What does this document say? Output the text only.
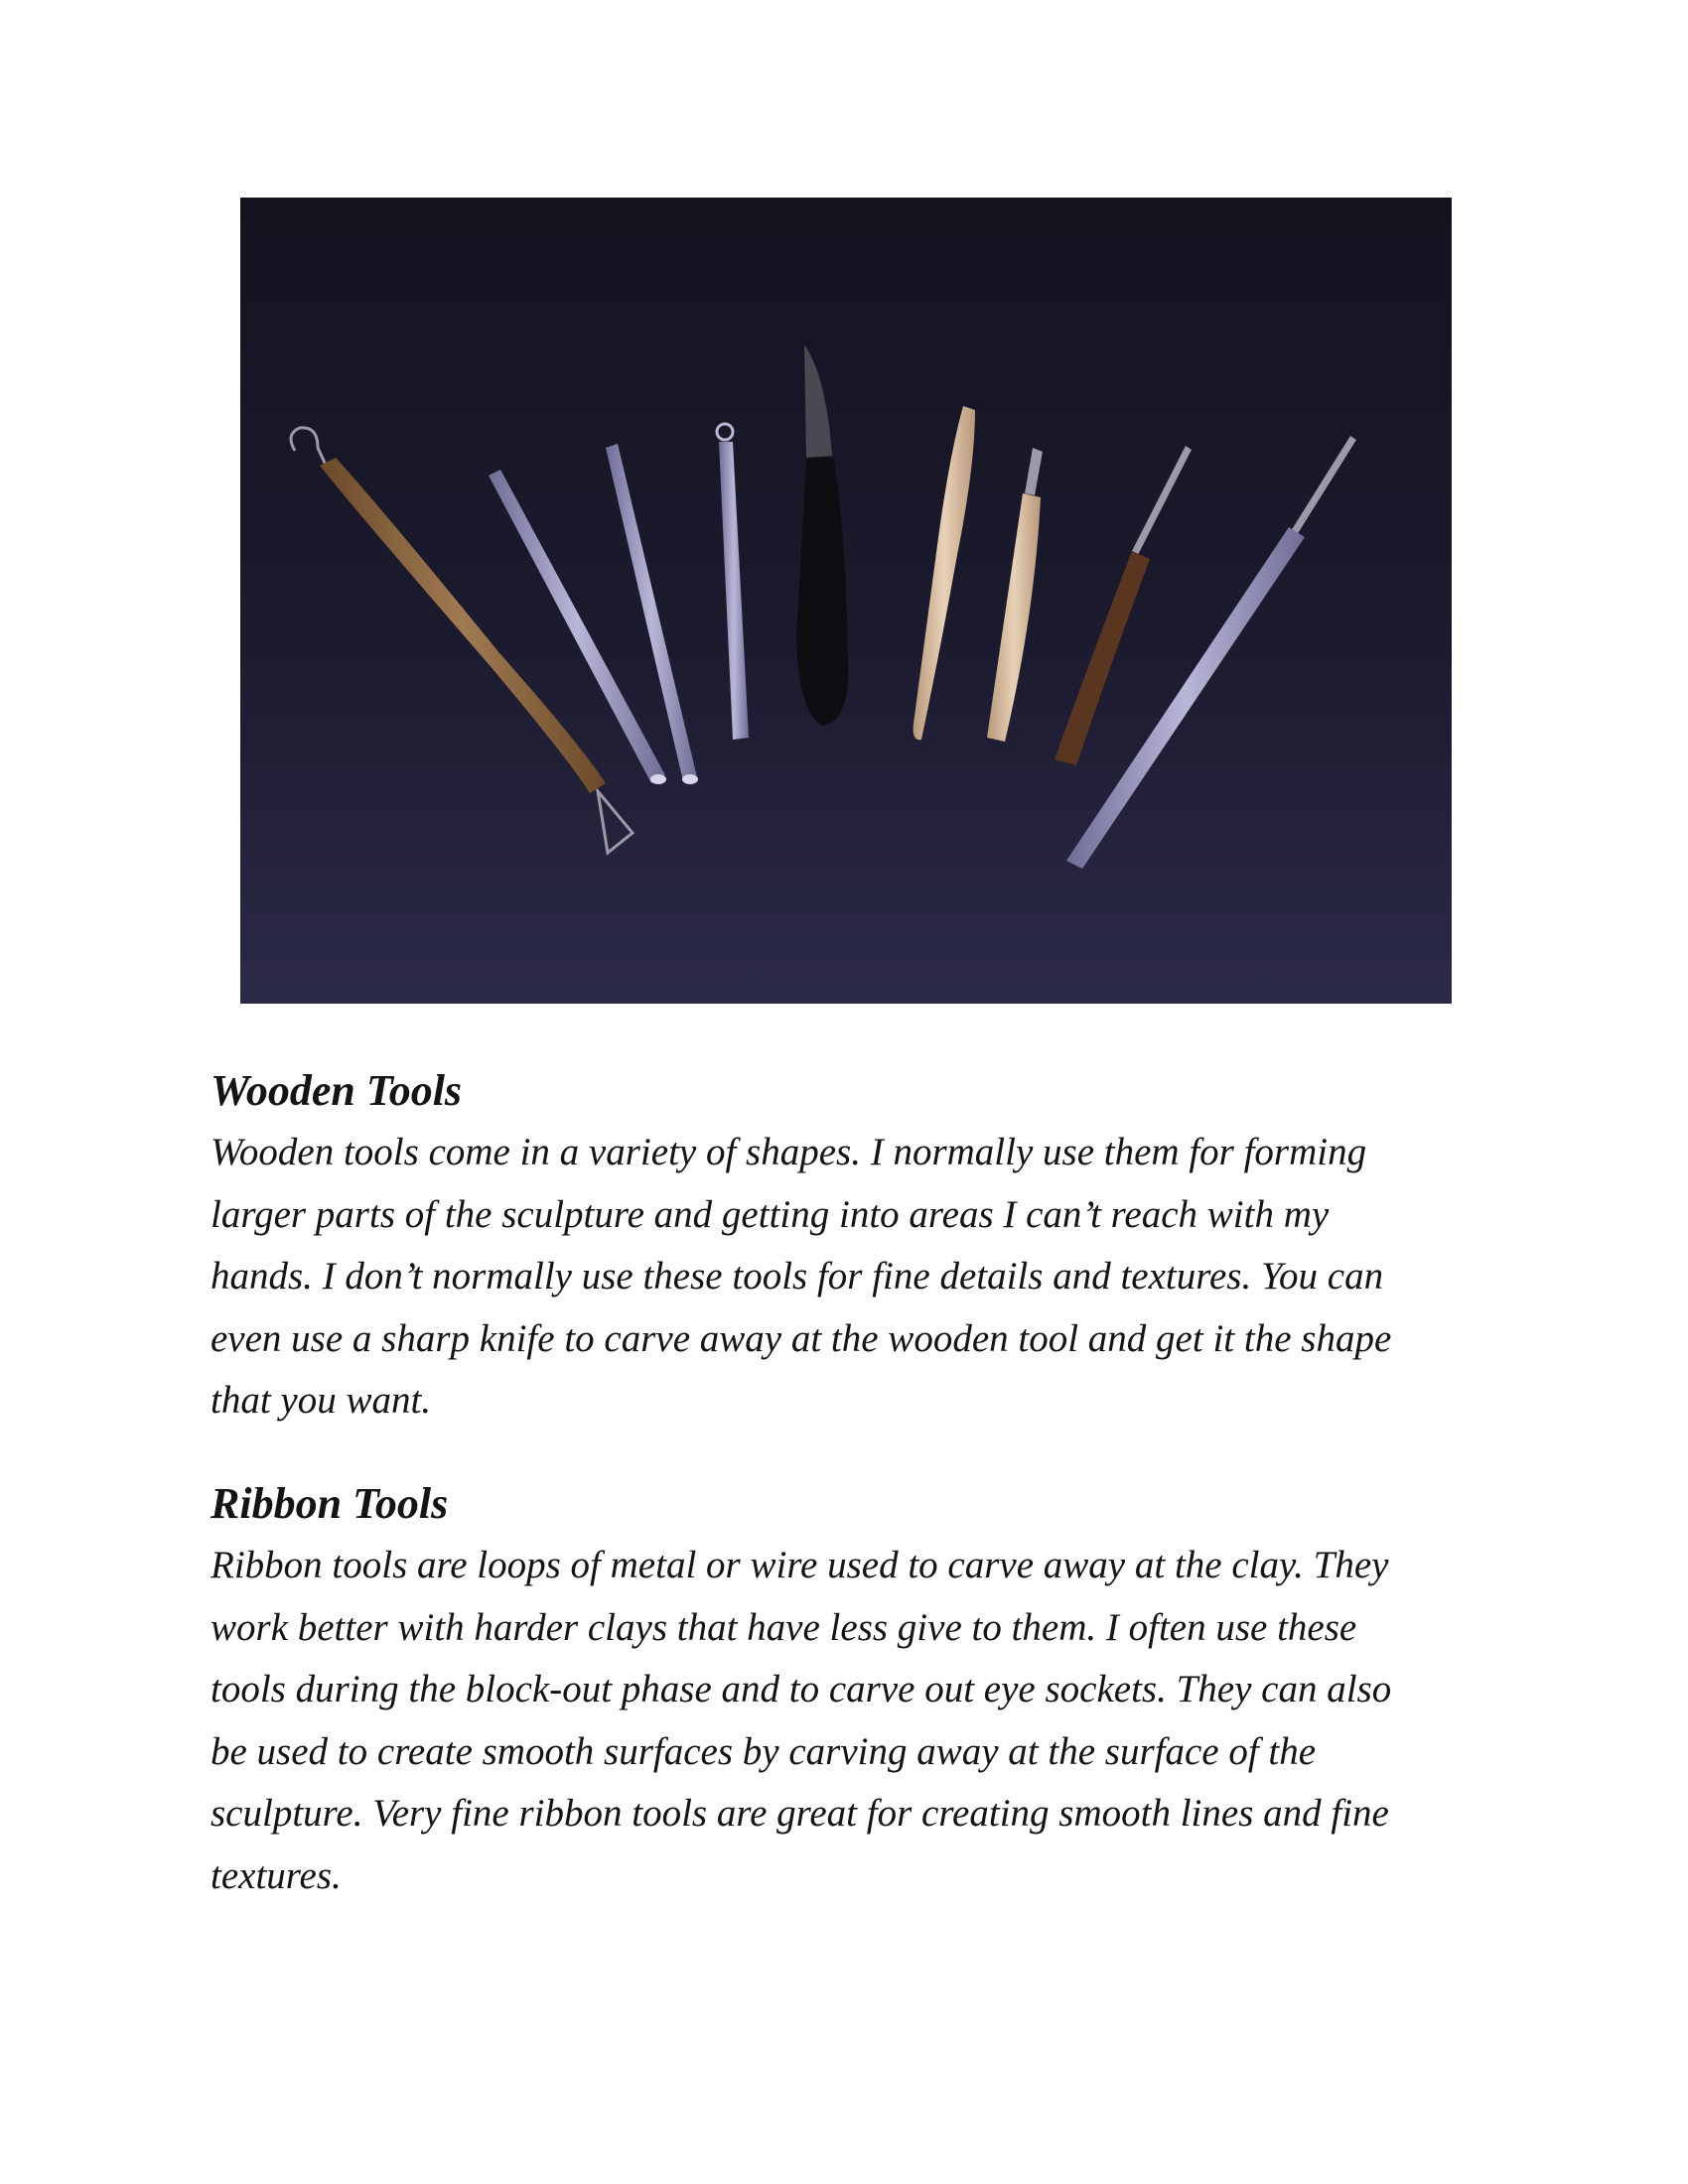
Wooden Tools

Wooden tools come in a variety of shapes. I normally use them for forming
larger parts of the sculpture and getting into areas I can’t reach with my
hands. I don’t normally use these tools for fine details and textures. You can
even use a sharp knife to carve away at the wooden tool and get it the shape
that you want.

Ribbon Tools

Ribbon tools are loops of metal or wire used to carve away at the clay. They
work better with harder clays that have less give to them. I often use these
tools during the block-out phase and to carve out eye sockets. They can also
be used to create smooth surfaces by carving away at the surface of the
sculpture. Very fine ribbon tools are great for creating smooth lines and fine
textures.
